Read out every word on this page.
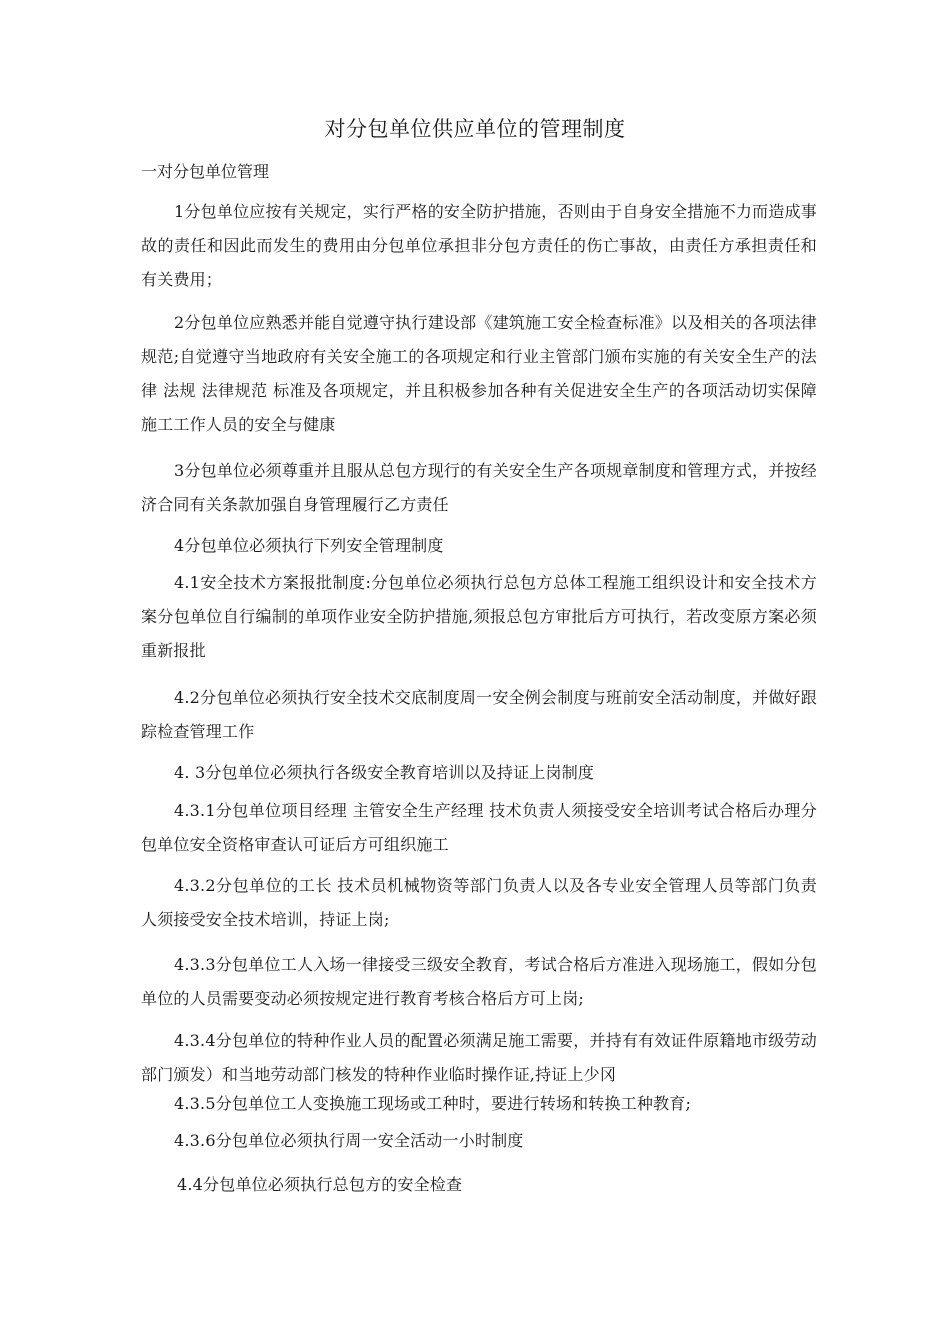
对分包单位供应单位的管理制度

一对分包单位管理

1分包单位应按有关规定，实行严格的安全防护措施，否则由于自身安全措施不力而造成事故的责任和因此而发生的费用由分包单位承担非分包方责任的伤亡事故，由责任方承担责任和有关费用；

2分包单位应熟悉并能自觉遵守执行建设部《建筑施工安全检查标准》以及相关的各项法律规范;自觉遵守当地政府有关安全施工的各项规定和行业主管部门颁布实施的有关安全生产的法律 法规 法律规范 标准及各项规定，并且积极参加各种有关促进安全生产的各项活动切实保障施工工作人员的安全与健康

3分包单位必须尊重并且服从总包方现行的有关安全生产各项规章制度和管理方式，并按经济合同有关条款加强自身管理履行乙方责任

4分包单位必须执行下列安全管理制度

4.1安全技术方案报批制度:分包单位必须执行总包方总体工程施工组织设计和安全技术方案分包单位自行编制的单项作业安全防护措施,须报总包方审批后方可执行，若改变原方案必须重新报批

4.2分包单位必须执行安全技术交底制度周一安全例会制度与班前安全活动制度，并做好跟踪检查管理工作

4. 3分包单位必须执行各级安全教育培训以及持证上岗制度

4.3.1分包单位项目经理 主管安全生产经理 技术负责人须接受安全培训考试合格后办理分包单位安全资格审查认可证后方可组织施工

4.3.2分包单位的工长 技术员机械物资等部门负责人以及各专业安全管理人员等部门负责人须接受安全技术培训，持证上岗;

4.3.3分包单位工人入场一律接受三级安全教育，考试合格后方准进入现场施工，假如分包单位的人员需要变动必须按规定进行教育考核合格后方可上岗;

4.3.4分包单位的特种作业人员的配置必须满足施工需要，并持有有效证件原籍地市级劳动部门颁发）和当地劳动部门核发的特种作业临时操作证,持证上少冈

4.3.5分包单位工人变换施工现场或工种时，要进行转场和转换工种教育;

4.3.6分包单位必须执行周一安全活动一小时制度

4.4分包单位必须执行总包方的安全检查
